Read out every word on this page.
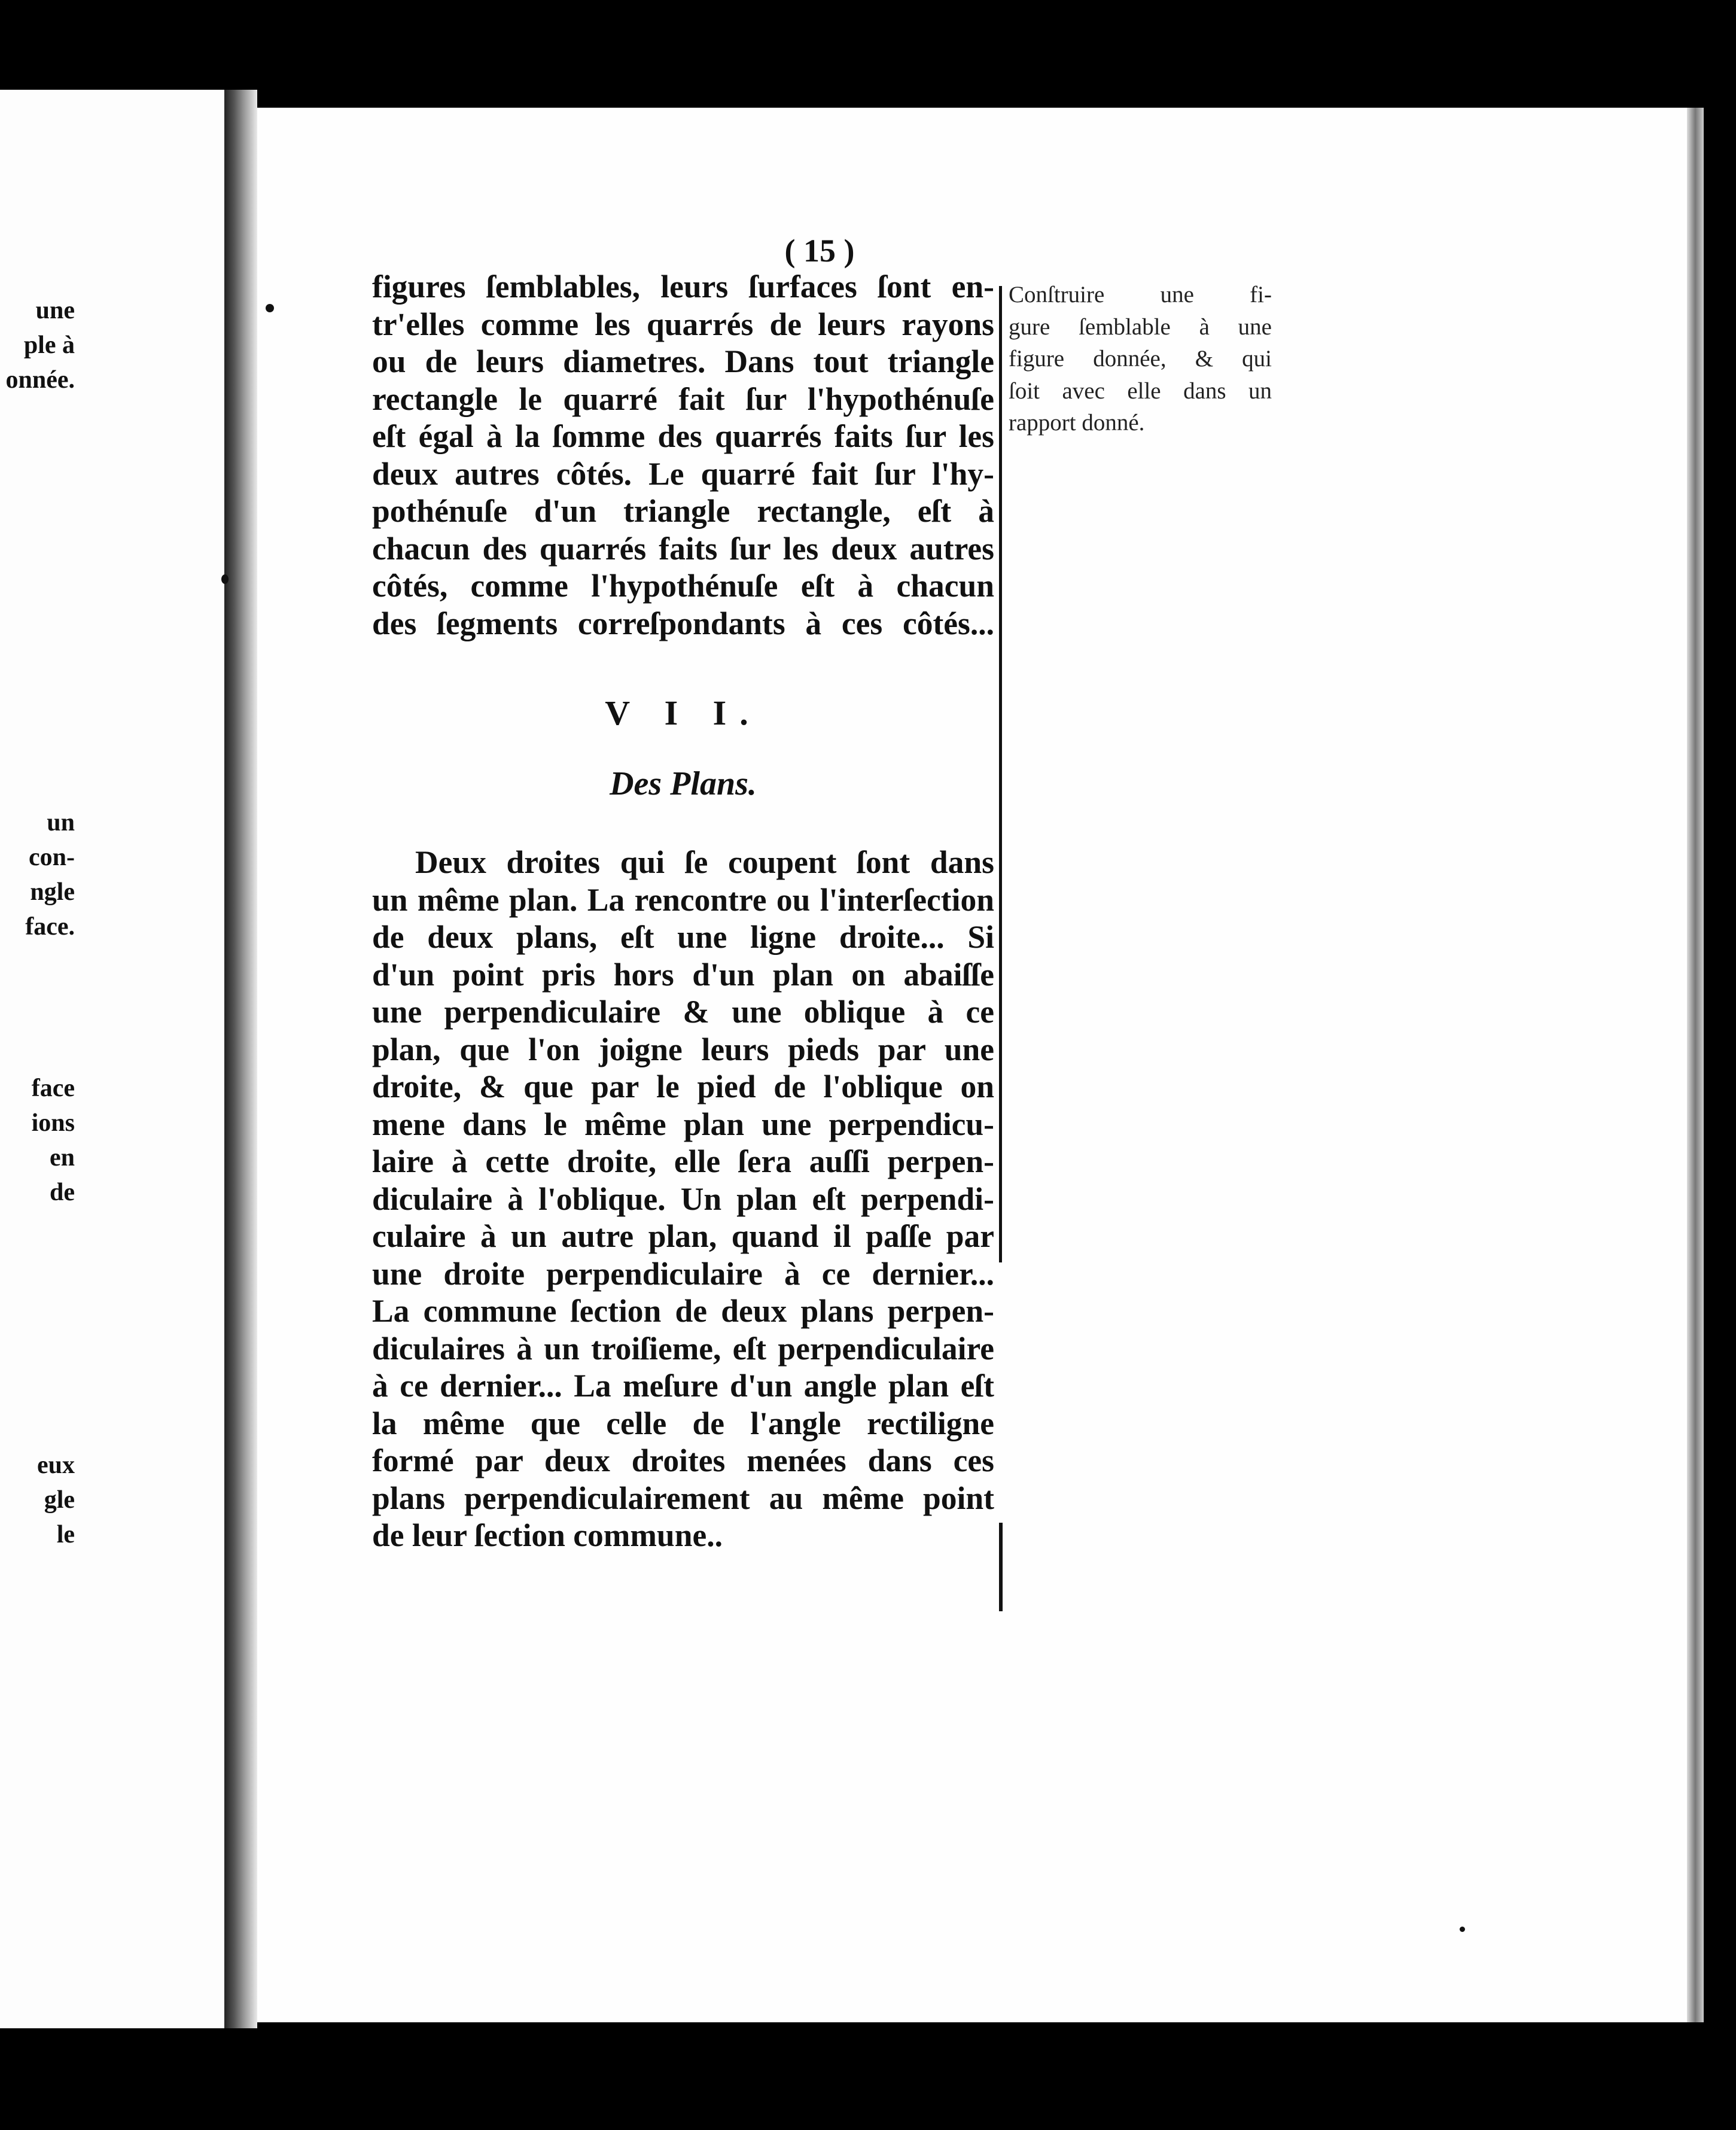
une
ple à
onnée.
un
con-
ngle
face.
face
ions
en
de
eux
gle
le
( 15 )

figures ſemblables, leurs ſurfaces ſont en-
tr'elles comme les quarrés de leurs rayons
ou de leurs diametres. Dans tout triangle
rectangle le quarré fait ſur l'hypothénuſe
eſt égal à la ſomme des quarrés faits ſur les
deux autres côtés. Le quarré fait ſur l'hy-
pothénuſe d'un triangle rectangle, eſt à
chacun des quarrés faits ſur les deux autres
côtés, comme l'hypothénuſe eſt à chacun
des ſegments correſpondants à ces côtés...

V I I.
Des Plans.

Deux droites qui ſe coupent ſont dans
un même plan. La rencontre ou l'interſection
de deux plans, eſt une ligne droite... Si
d'un point pris hors d'un plan on abaiſſe
une perpendiculaire & une oblique à ce
plan, que l'on joigne leurs pieds par une
droite, & que par le pied de l'oblique on
mene dans le même plan une perpendicu-
laire à cette droite, elle ſera auſſi perpen-
diculaire à l'oblique. Un plan eſt perpendi-
culaire à un autre plan, quand il paſſe par
une droite perpendiculaire à ce dernier...
La commune ſection de deux plans perpen-
diculaires à un troiſieme, eſt perpendiculaire
à ce dernier... La meſure d'un angle plan eſt
la même que celle de l'angle rectiligne
formé par deux droites menées dans ces
plans perpendiculairement au même point
de leur ſection commune..

Conſtruire une fi-
gure ſemblable à une
figure donnée, & qui
ſoit avec elle dans un
rapport donné.
